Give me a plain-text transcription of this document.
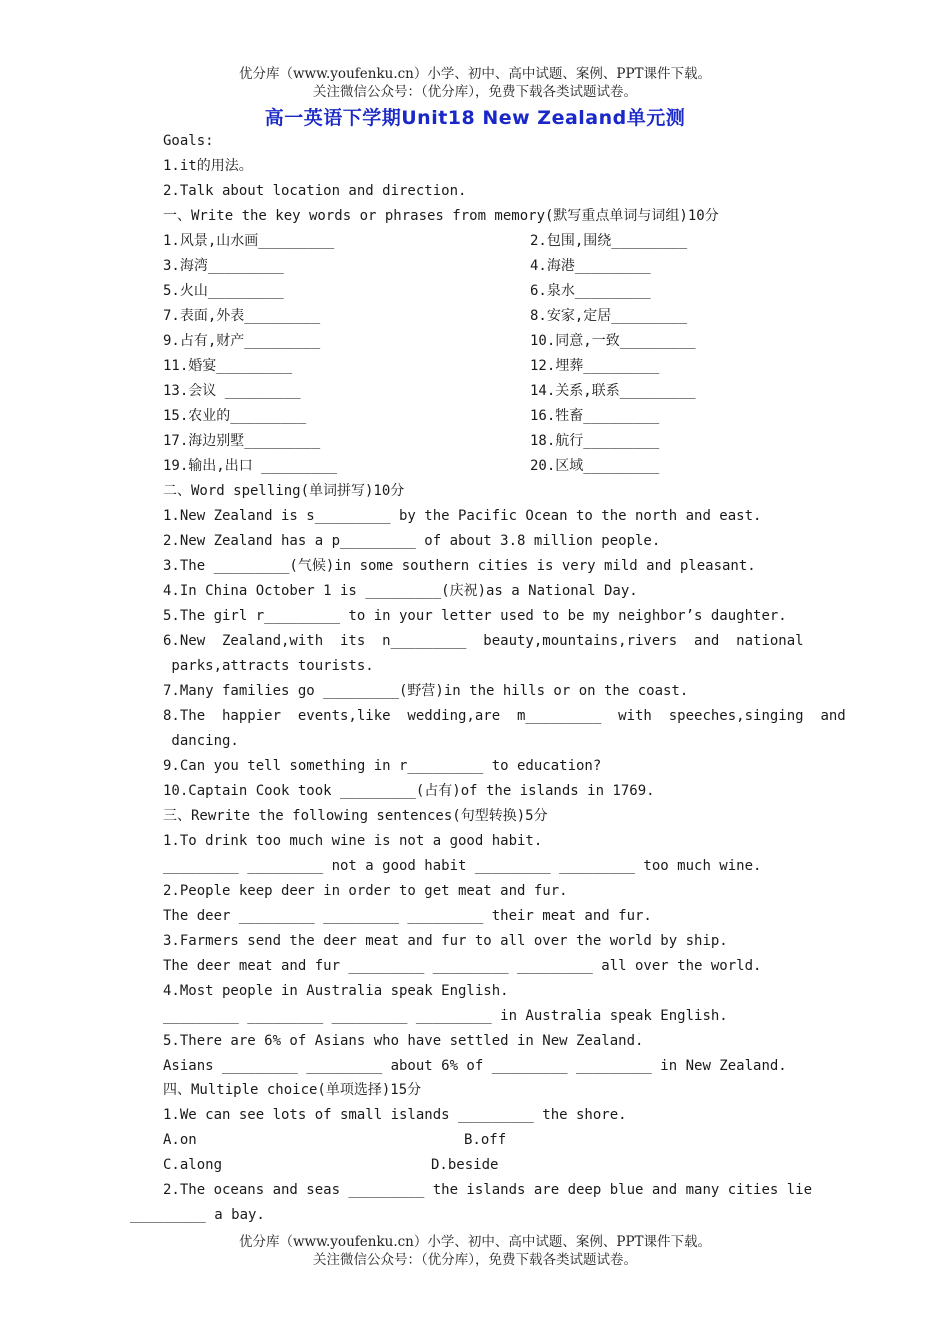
优分库（www.youfenku.cn）小学、初中、高中试题、案例、PPT课件下载。
关注微信公众号：（优分库），免费下载各类试题试卷。
高一英语下学期Unit18 New Zealand单元测
Goals:
1.it的用法。
2.Talk about location and direction.
一、Write the key words or phrases from memory(默写重点单词与词组)10分
1.风景,山水画_________	2.包围,围绕_________
3.海湾_________	4.海港_________
5.火山_________	6.泉水_________
7.表面,外表_________	8.安家,定居_________
9.占有,财产_________	10.同意,一致_________
11.婚宴_________	12.埋葬_________
13.会议 _________	14.关系,联系_________
15.农业的_________	16.牲畜_________
17.海边别墅_________	18.航行_________
19.输出,出口 _________	20.区域_________
二、Word spelling(单词拼写)10分
1.New Zealand is s_________ by the Pacific Ocean to the north and east.
2.New Zealand has a p_________ of about 3.8 million people.
3.The _________(气候)in some southern cities is very mild and pleasant.
4.In China October 1 is _________(庆祝)as a National Day.
5.The girl r_________ to in your letter used to be my neighbor’s daughter.
6.New  Zealand,with  its  n_________  beauty,mountains,rivers  and  national
parks,attracts tourists.
7.Many families go _________(野营)in the hills or on the coast.
8.The  happier  events,like  wedding,are  m_________  with  speeches,singing  and
dancing.
9.Can you tell something in r_________ to education?
10.Captain Cook took _________(占有)of the islands in 1769.
三、Rewrite the following sentences(句型转换)5分
1.To drink too much wine is not a good habit.
_________ _________ not a good habit _________ _________ too much wine.
2.People keep deer in order to get meat and fur.
The deer _________ _________ _________ their meat and fur.
3.Farmers send the deer meat and fur to all over the world by ship.
The deer meat and fur _________ _________ _________ all over the world.
4.Most people in Australia speak English.
_________ _________ _________ _________ in Australia speak English.
5.There are 6% of Asians who have settled in New Zealand.
Asians _________ _________ about 6% of _________ _________ in New Zealand.
四、Multiple choice(单项选择)15分
1.We can see lots of small islands _________ the shore.
A.on	B.off
C.along	D.beside
2.The oceans and seas _________ the islands are deep blue and many cities lie
_________ a bay.
优分库（www.youfenku.cn）小学、初中、高中试题、案例、PPT课件下载。
关注微信公众号：（优分库），免费下载各类试题试卷。
